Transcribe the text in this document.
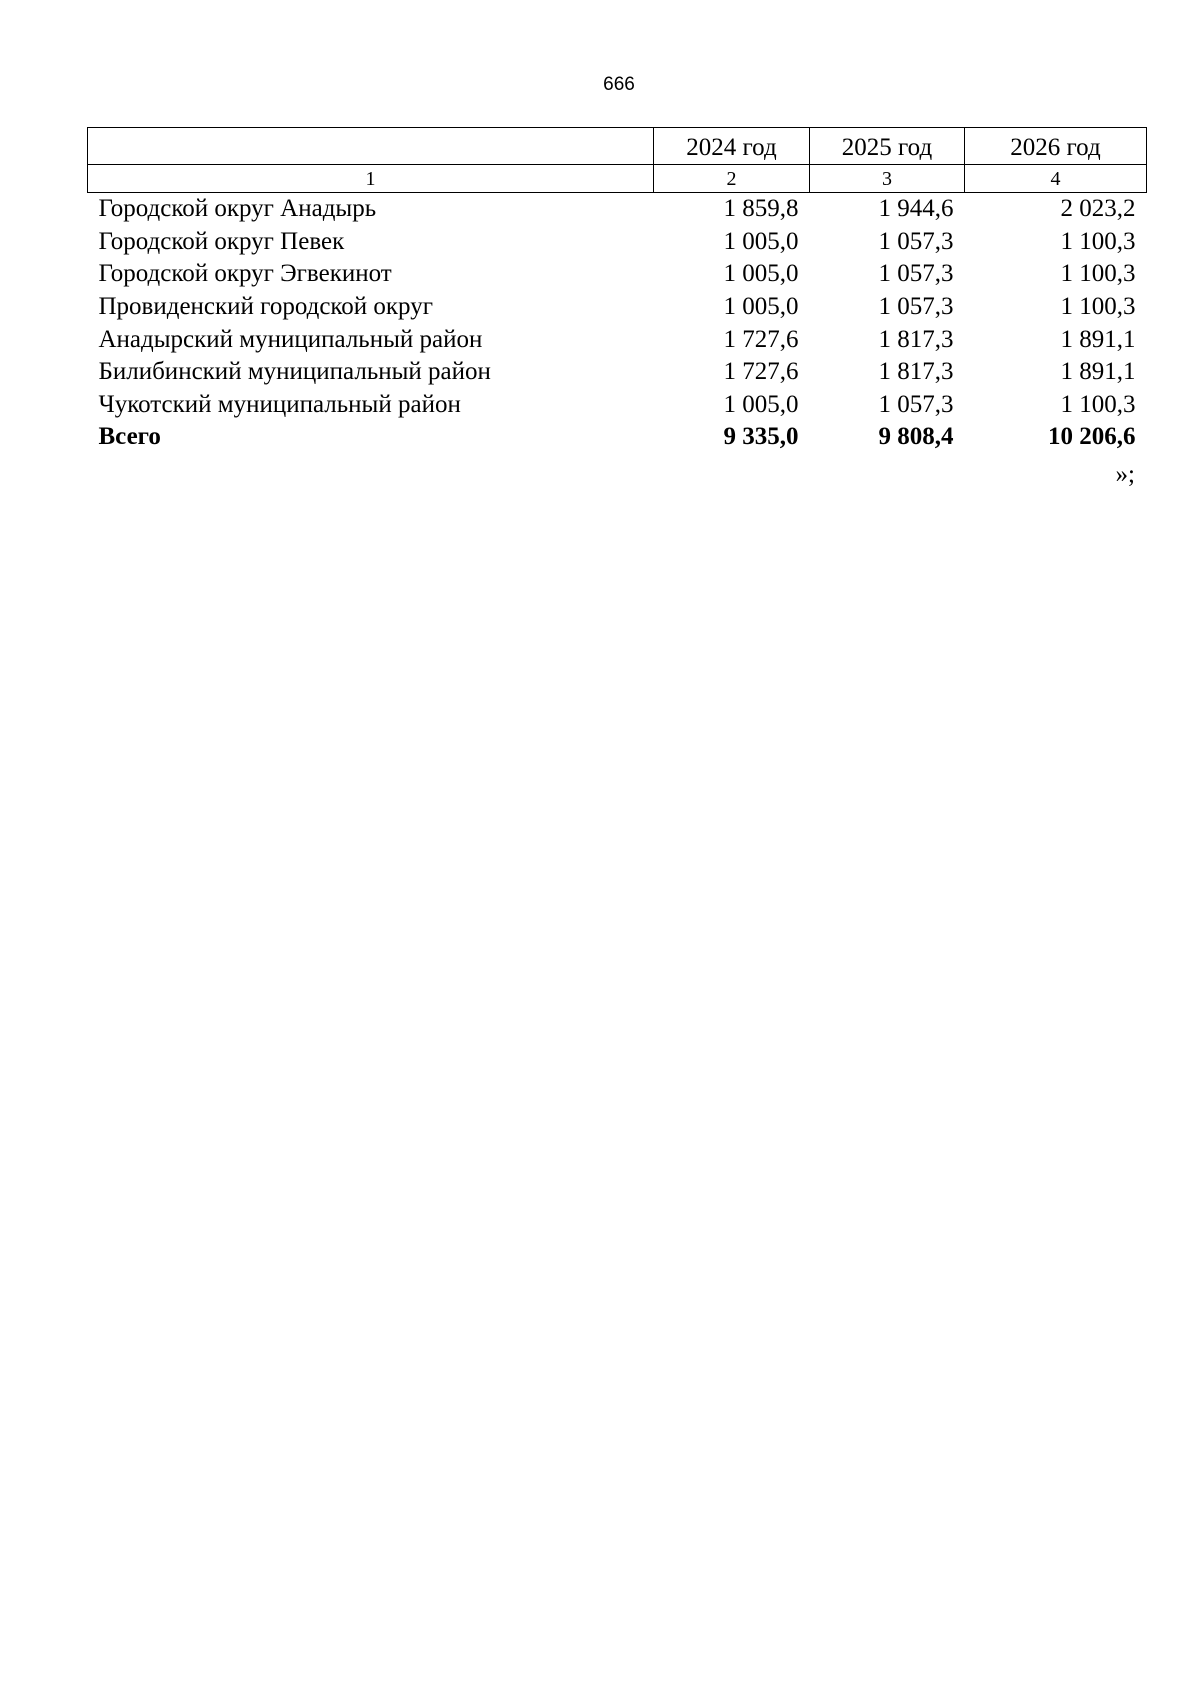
666
	2024 год	2025 год	2026 год
1	2	3	4
Городской округ Анадырь	1 859,8	1 944,6	2 023,2
Городской округ Певек	1 005,0	1 057,3	1 100,3
Городской округ Эгвекинот	1 005,0	1 057,3	1 100,3
Провиденский городской округ	1 005,0	1 057,3	1 100,3
Анадырский муниципальный район	1 727,6	1 817,3	1 891,1
Билибинский муниципальный район	1 727,6	1 817,3	1 891,1
Чукотский муниципальный район	1 005,0	1 057,3	1 100,3
Всего	9 335,0	9 808,4	10 206,6
»;
